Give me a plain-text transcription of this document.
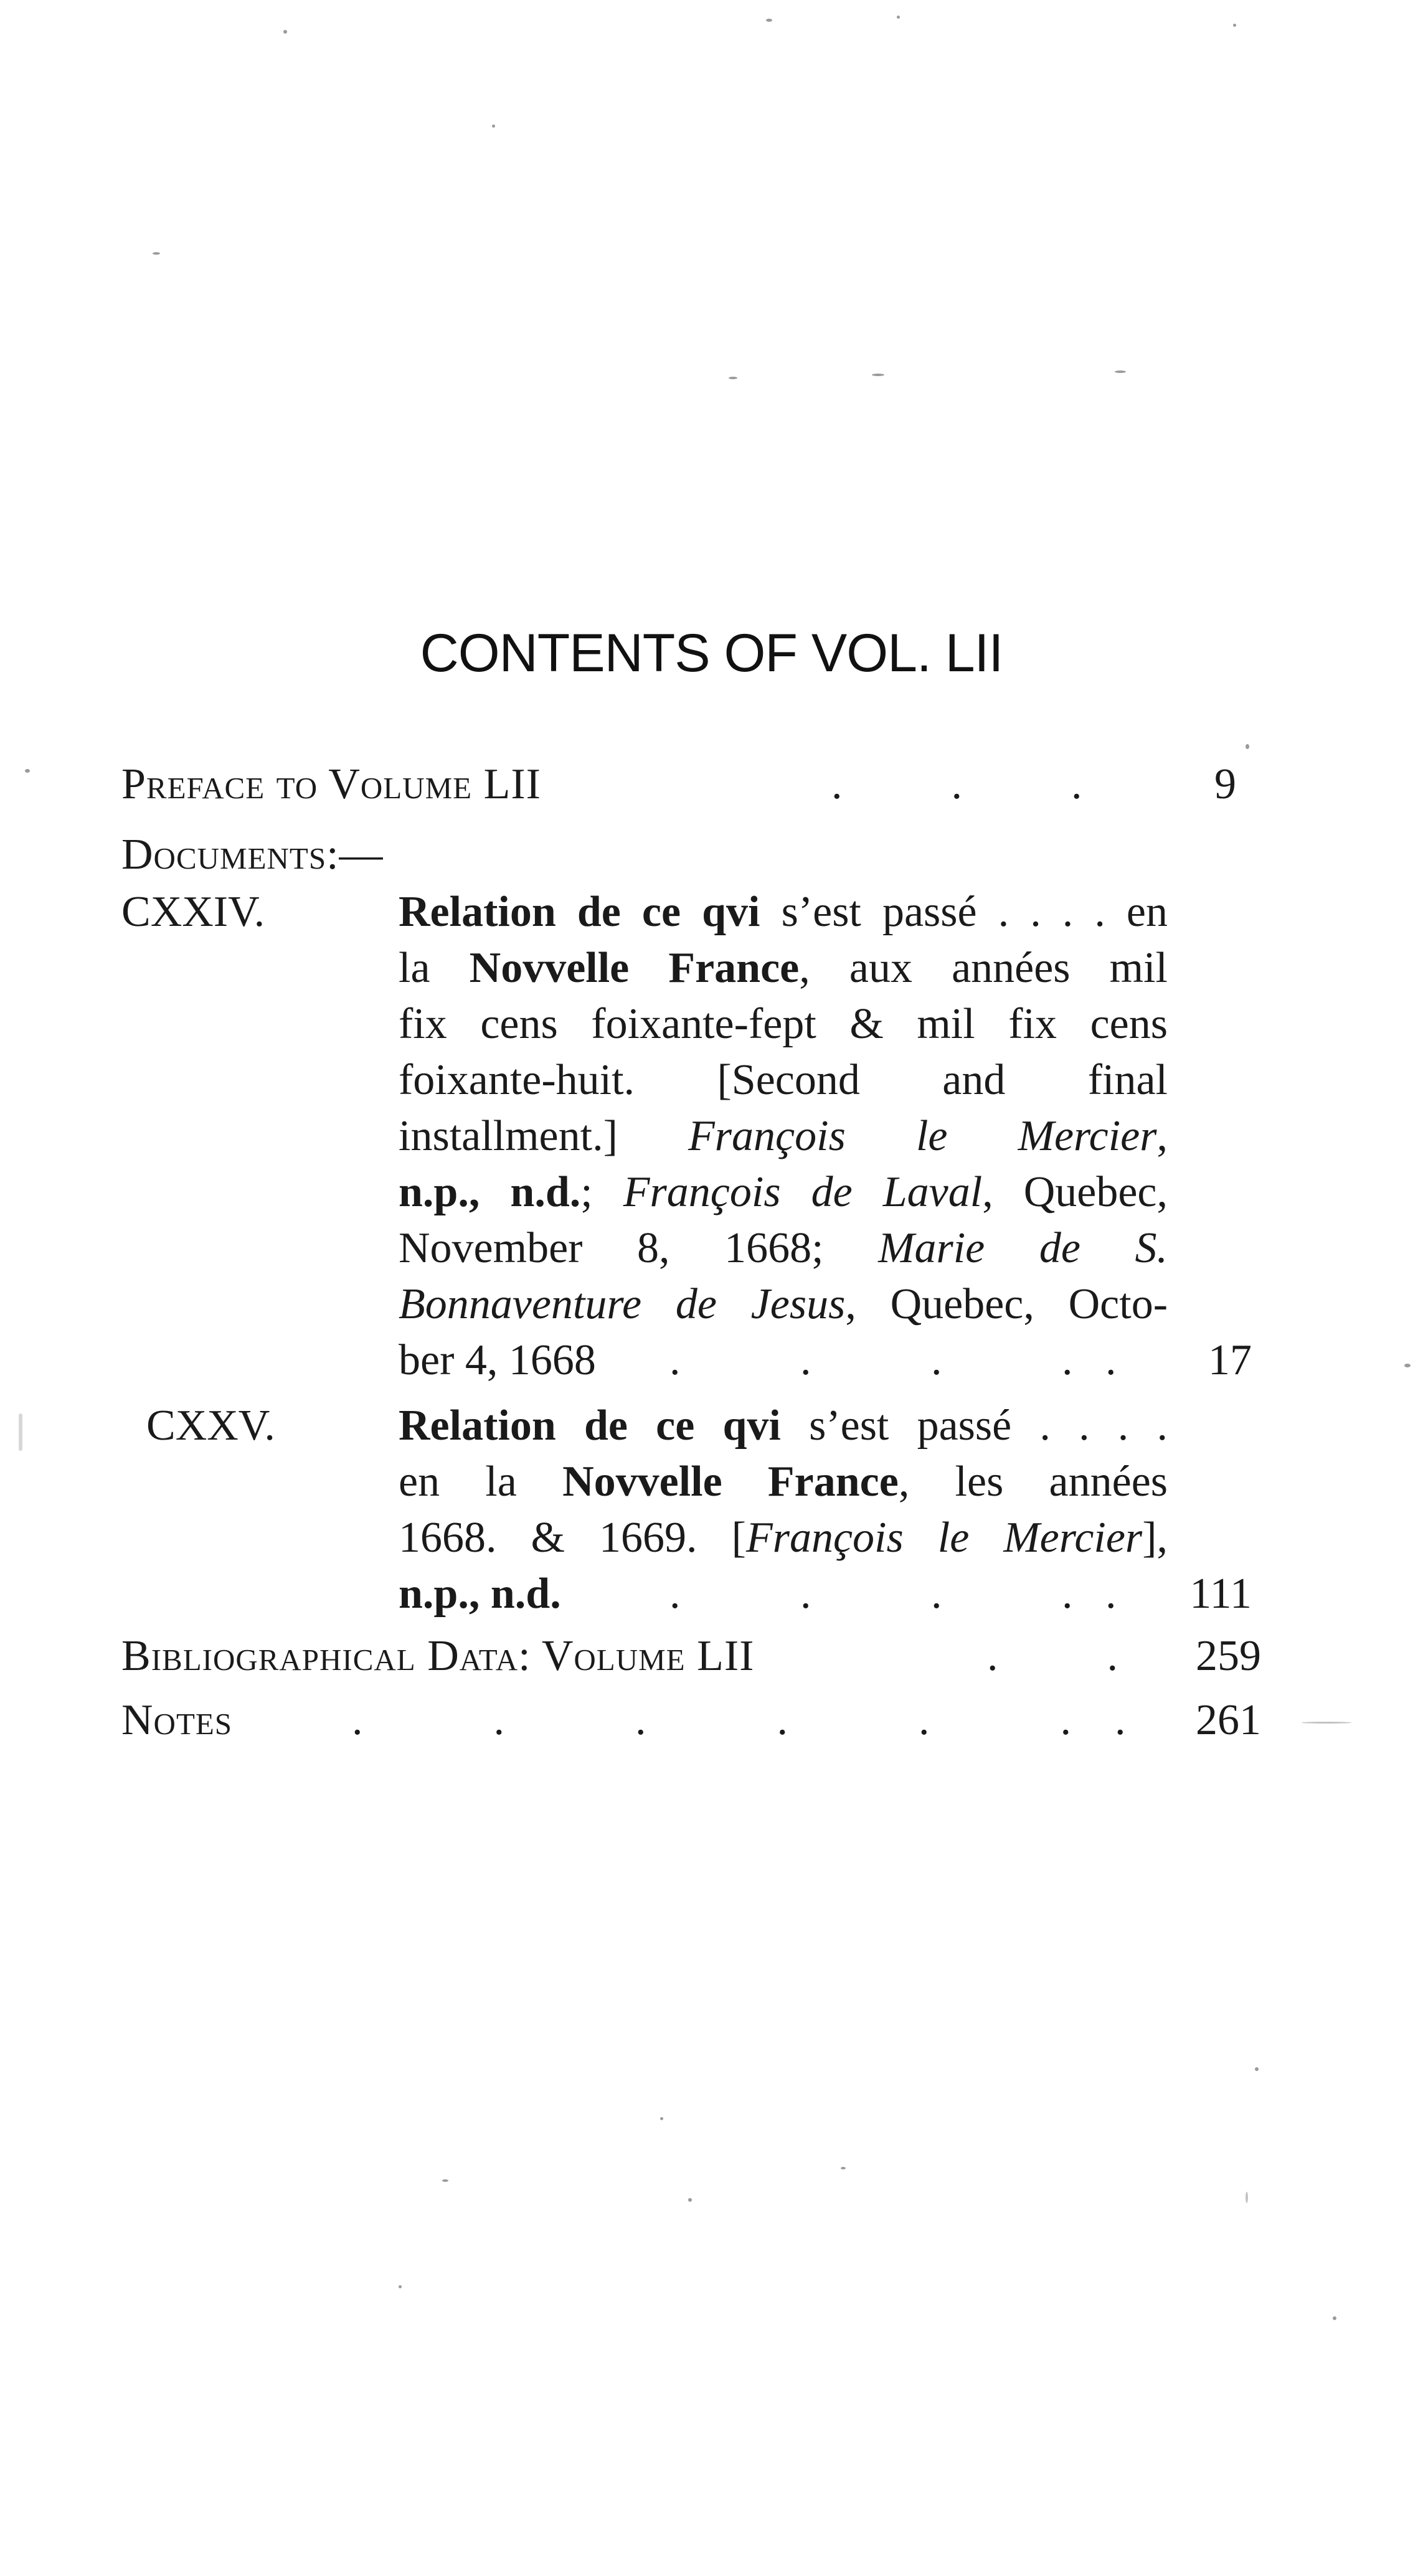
CONTENTS OF VOL. LII
Preface to Volume LII	.          .          .	9
Documents:—
CXXIV.	Relation de ce qvi s’est passé . . . . en
la Novvelle France, aux années mil
fix cens foixante-fept & mil fix cens
foixante-huit. [Second and final
installment.] François le Mercier,
n.p., n.d.; François de Laval, Quebec,
November 8, 1668; Marie de S.
Bonnaventure de Jesus, Quebec, Octo-
ber 4, 1668	.           .           .           .   . 17
CXXV.	Relation de ce qvi s’est passé . . . .
en la Novvelle France, les années
1668. & 1669. [François le Mercier],
n.p., n.d.	.           .           .           .   . 111
Bibliographical Data: Volume LII	.          . 259
Notes	.            .            .            .            .            .    . 261
